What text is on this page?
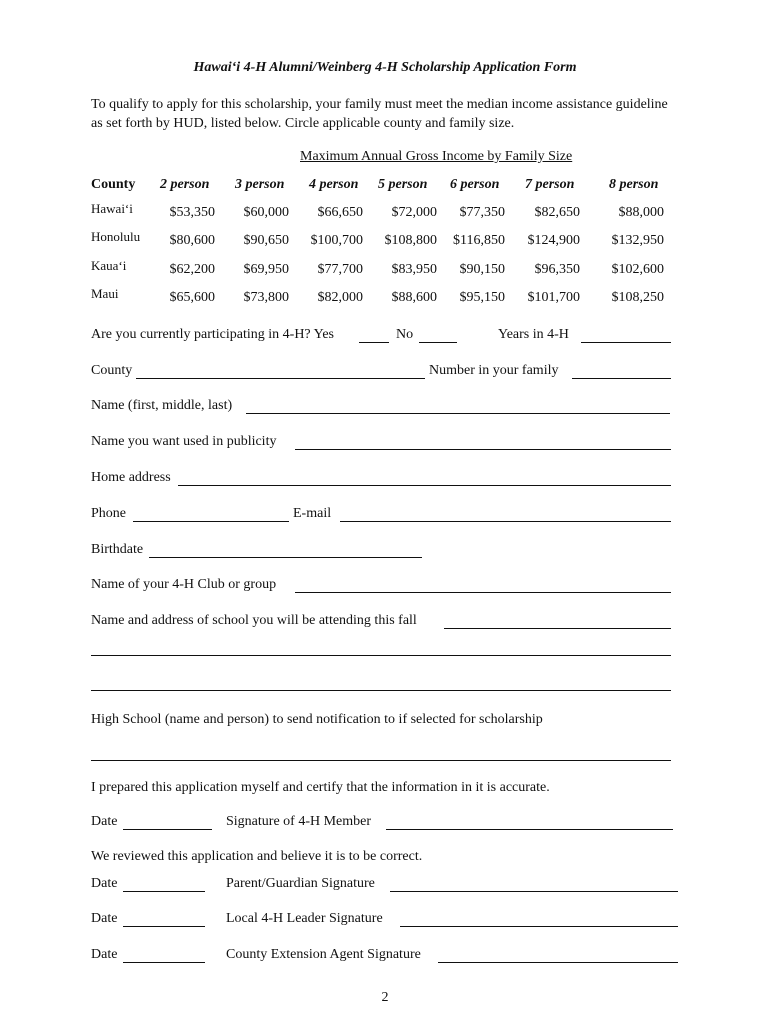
Hawai‘i 4-H Alumni/Weinberg 4-H Scholarship Application Form
To qualify to apply for this scholarship, your family must meet the median income assistance guideline as set forth by HUD, listed below. Circle applicable county and family size.
Maximum Annual Gross Income by Family Size
County 2 person 3 person 4 person 5 person 6 person 7 person 8 person
Hawai‘i	$53,350	$60,000	$66,650	$72,000	$77,350	$82,650	$88,000
Honolulu	$80,600	$90,650	$100,700	$108,800	$116,850	$124,900	$132,950
Kaua‘i	$62,200	$69,950	$77,700	$83,950	$90,150	$96,350	$102,600
Maui	$65,600	$73,800	$82,000	$88,600	$95,150	$101,700	$108,250
Are you currently participating in 4-H? Yes	No	Years in 4-H
County	Number in your family
Name (first, middle, last)
Name you want used in publicity
Home address
Phone	E-mail
Birthdate
Name of your 4-H Club or group
Name and address of school you will be attending this fall
High School (name and person) to send notification to if selected for scholarship
I prepared this application myself and certify that the information in it is accurate.
Date	Signature of 4-H Member
We reviewed this application and believe it is to be correct.
Date	Parent/Guardian Signature
Date	Local 4-H Leader Signature
Date	County Extension Agent Signature
2
